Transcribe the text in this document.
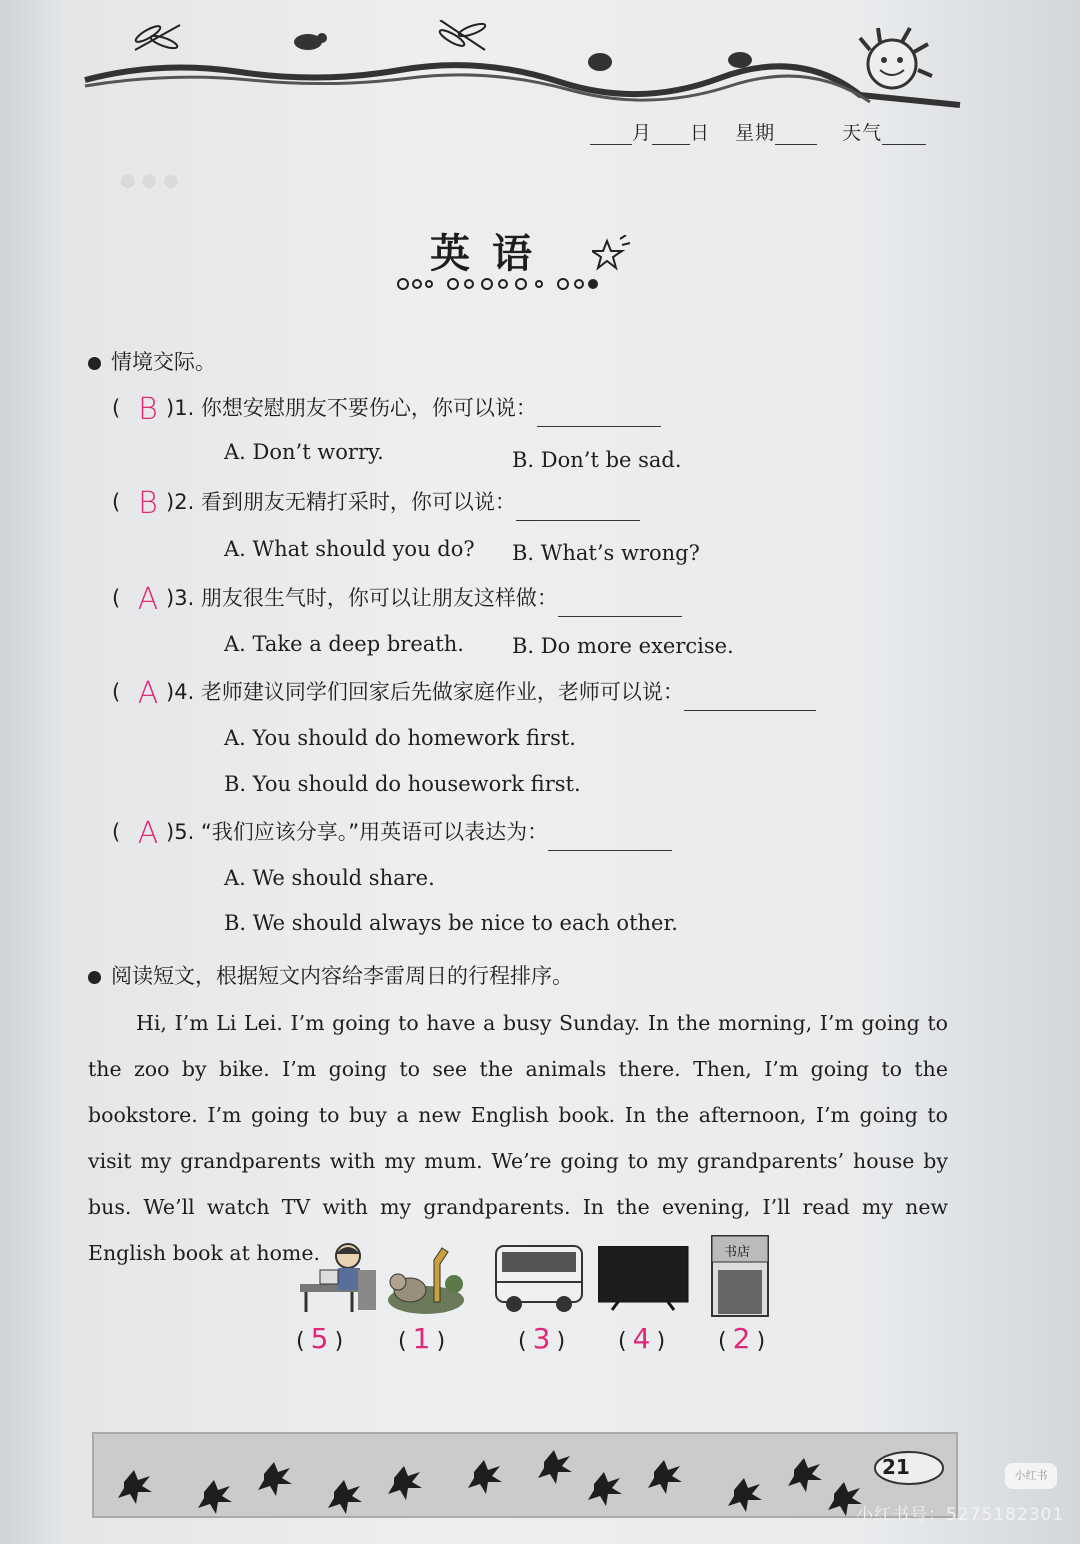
月 日 星期	天气
英语
● ● ●
情境交际。
( B )1. 你想安慰朋友不要伤心，你可以说：
A. Don’t worry.	B. Don’t be sad.
( B )2. 看到朋友无精打采时，你可以说：
A. What should you do? B. What’s wrong?
( A )3. 朋友很生气时，你可以让朋友这样做：
A. Take a deep breath. B. Do more exercise.
( A )4. 老师建议同学们回家后先做家庭作业，老师可以说：
A. You should do homework first.
B. You should do housework first.
( A )5. “我们应该分享。”用英语可以表达为：
A. We should share.
B. We should always be nice to each other.
阅读短文，根据短文内容给李雷周日的行程排序。

Hi, I’m Li Lei. I’m going to have a busy Sunday. In the morning, I’m going to the zoo by bike. I’m going to see the animals there. Then, I’m going to the bookstore. I’m going to buy a new English book. In the afternoon, I’m going to visit my grandparents with my mum. We’re going to my grandparents’ house by bus. We’ll watch TV with my grandparents. In the evening, I’ll read my new English book at home.	书店
( 5 ) ( 1 )	( 3 ) ( 4 ) ( 2 )
21	小红书
小红书号：5275182301
